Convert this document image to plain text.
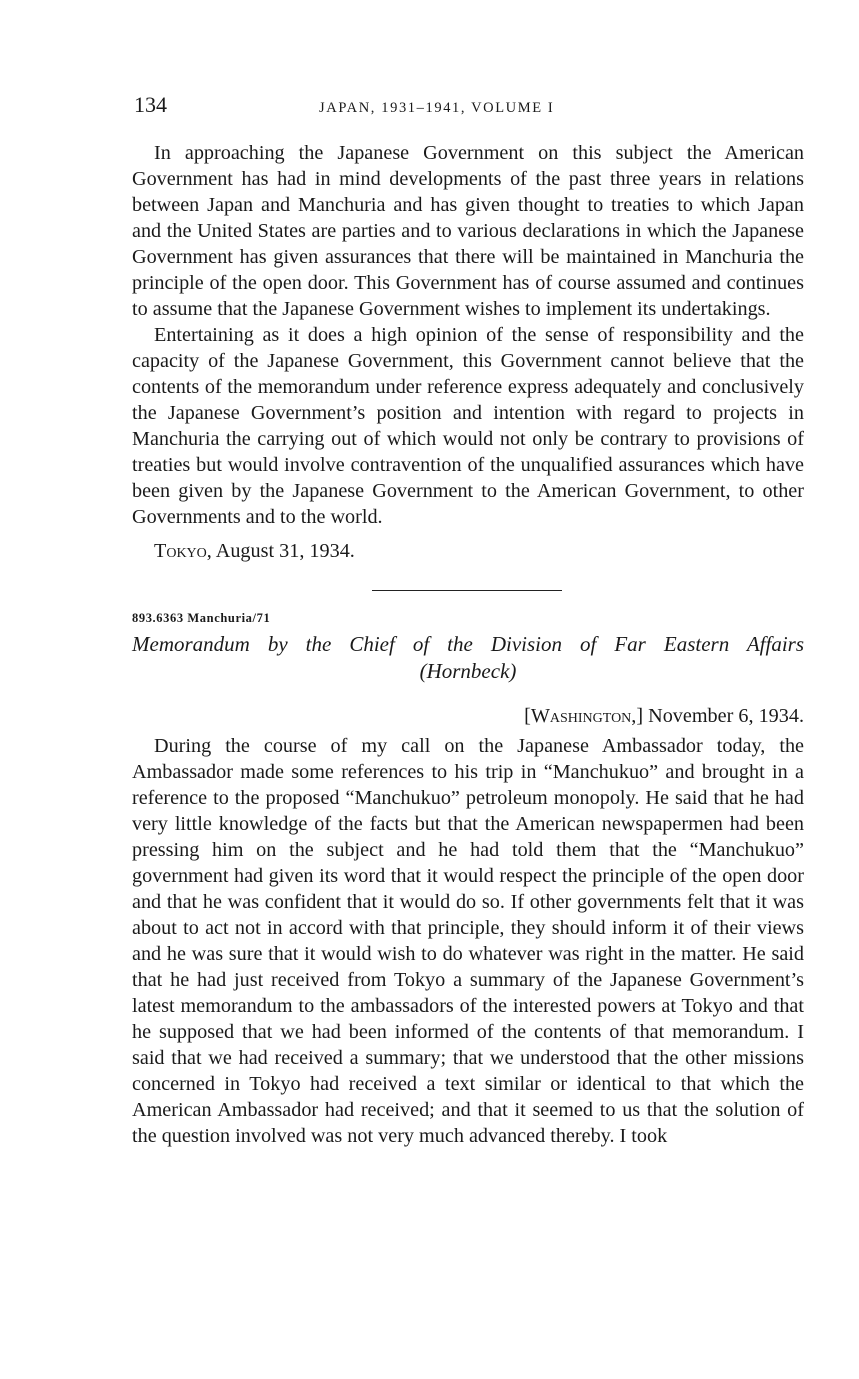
134	JAPAN, 1931–1941, VOLUME I

In approaching the Japanese Government on this subject the American Government has had in mind developments of the past three years in relations between Japan and Manchuria and has given thought to treaties to which Japan and the United States are parties and to various declarations in which the Japanese Government has given assurances that there will be maintained in Manchuria the principle of the open door. This Government has of course assumed and continues to assume that the Japanese Government wishes to implement its undertakings.

Entertaining as it does a high opinion of the sense of responsibility and the capacity of the Japanese Government, this Government cannot believe that the contents of the memorandum under reference express adequately and conclusively the Japanese Government’s position and intention with regard to projects in Manchuria the carrying out of which would not only be contrary to provisions of treaties but would involve contravention of the unqualified assurances which have been given by the Japanese Government to the American Government, to other Governments and to the world.

Tokyo, August 31, 1934.

893.6363 Manchuria/71

Memorandum by the Chief of the Division of Far Eastern Affairs

(Hornbeck)

[Washington,] November 6, 1934.

During the course of my call on the Japanese Ambassador today, the Ambassador made some references to his trip in “Manchukuo” and brought in a reference to the proposed “Manchukuo” petroleum monopoly. He said that he had very little knowledge of the facts but that the American newspapermen had been pressing him on the subject and he had told them that the “Manchukuo” government had given its word that it would respect the principle of the open door and that he was confident that it would do so. If other governments felt that it was about to act not in accord with that principle, they should inform it of their views and he was sure that it would wish to do whatever was right in the matter. He said that he had just received from Tokyo a summary of the Japanese Government’s latest memorandum to the ambassadors of the interested powers at Tokyo and that he supposed that we had been informed of the contents of that memorandum. I said that we had received a summary; that we understood that the other missions concerned in Tokyo had received a text similar or identical to that which the American Ambassador had received; and that it seemed to us that the solution of the question involved was not very much advanced thereby. I took
